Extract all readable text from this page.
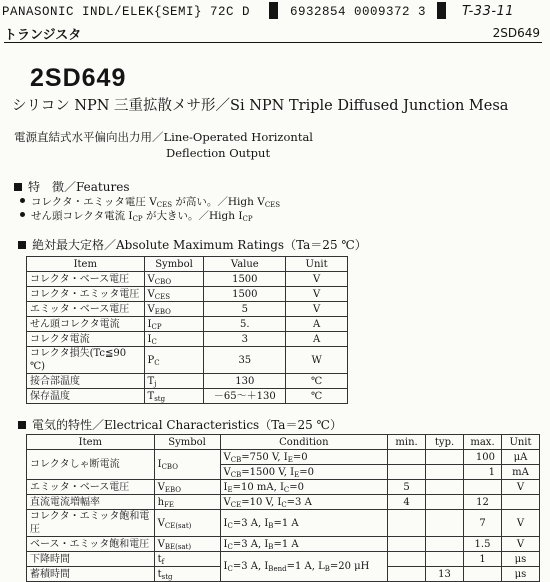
PANASONIC INDL/ELEK{SEMI} 72C D	6932854 0009372 3	T-33-11
トランジスタ	2SD649
2SD649
シリコン NPN 三重拡散メサ形／Si NPN Triple Diffused Junction Mesa
電源直結式水平偏向出力用／Line-Operated Horizontal
Deflection Output
特　徴／Features
コレクタ・エミッタ電圧 $V_{CES}$ が高い。／High $V_{CES}$
せん頭コレクタ電流 $I_{CP}$ が大きい。／High $I_{CP}$
絶対最大定格／Absolute Maximum Ratings（Ta＝25 ℃）
Item	Symbol	Value	Unit
コレクタ・ベース電圧	$V_{CBO}$	1500	V
コレクタ・エミッタ電圧	$V_{CES}$	1500	V
エミッタ・ベース電圧	$V_{EBO}$	5	V
せん頭コレクタ電流	$I_{CP}$	5.	A
コレクタ電流	$I_C$	3	A
コレクタ損失(Tc≦90 ℃)	$P_C$	35	W
接合部温度	$T_j$	130	℃
保存温度	$T_{stg}$	－65～＋130	℃
電気的特性／Electrical Characteristics（Ta＝25 ℃）
Item	Symbol	Condition	min.	typ.	max.	Unit
コレクタしゃ断電流	$I_{CBO}$	$V_{CB}=750$ V, $I_E=0$			100	μA
		$V_{CB}=1500$ V, $I_E=0$			1	mA
エミッタ・ベース電圧	$V_{EBO}$	$I_E=10$ mA, $I_C=0$	5			V
直流電流増幅率	$h_{FE}$	$V_{CE}=10$ V, $I_C=3$ A	4		12	
コレクタ・エミッタ飽和電圧	$V_{CE(sat)}$	$I_C=3$ A, $I_B=1$ A			7	V
ベース・エミッタ飽和電圧	$V_{BE(sat)}$	$I_C=3$ A, $I_B=1$ A			1.5	V
下降時間	$t_f$	$I_C=3$ A, $I_{Bend}=1$ A, $L_B=20$ μH			1	μs
蓄積時間	$t_{stg}$			13		μs
